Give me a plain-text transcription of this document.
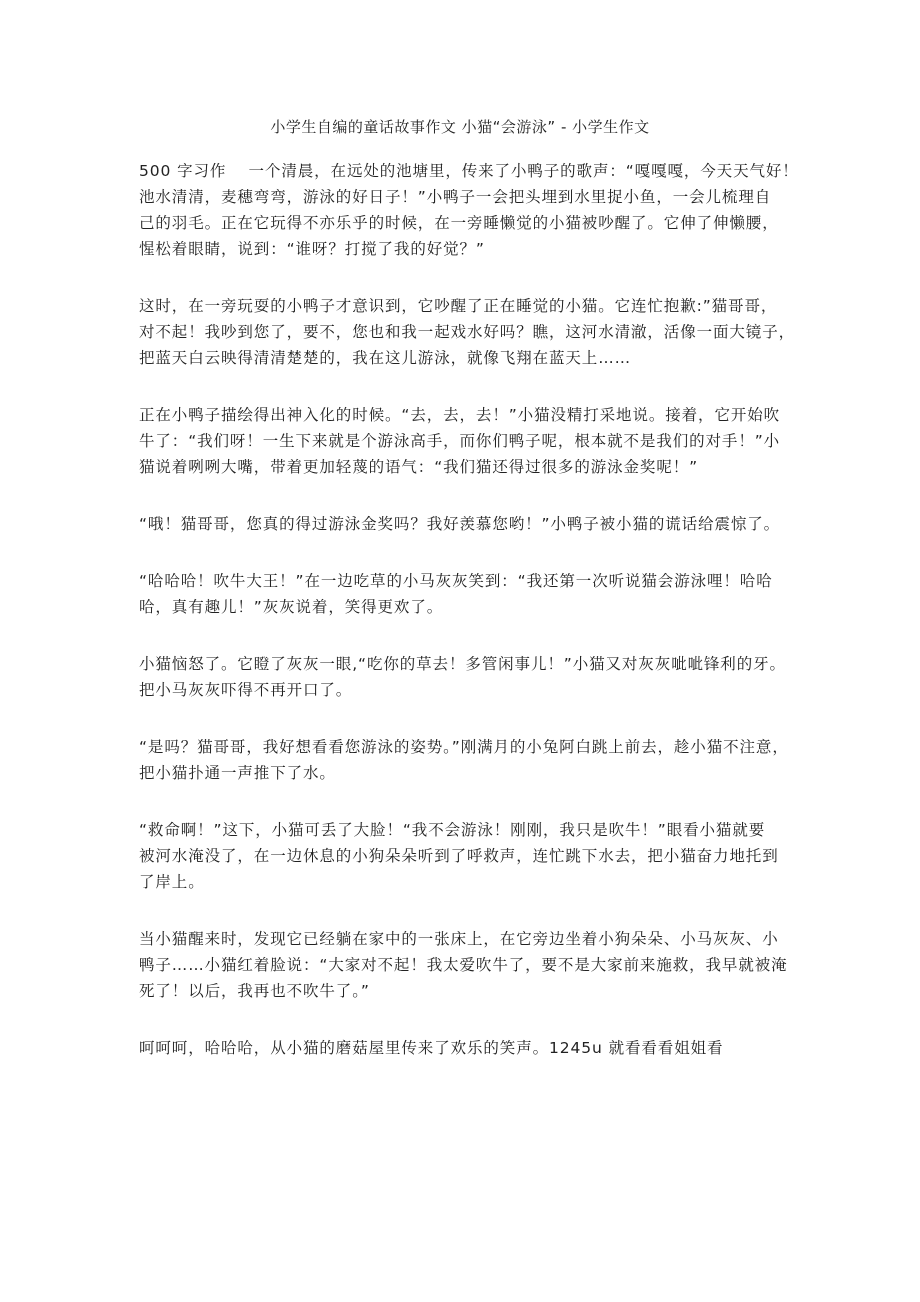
小学生自编的童话故事作文 小猫“会游泳” - 小学生作文
500 字习作　 一个清晨，在远处的池塘里，传来了小鸭子的歌声：“嘎嘎嘎，今天天气好！
池水清清，麦穗弯弯，游泳的好日子！”小鸭子一会把头埋到水里捉小鱼，一会儿梳理自
己的羽毛。正在它玩得不亦乐乎的时候，在一旁睡懒觉的小猫被吵醒了。它伸了伸懒腰，
惺松着眼睛，说到：“谁呀？打搅了我的好觉？”
这时，在一旁玩耍的小鸭子才意识到，它吵醒了正在睡觉的小猫。它连忙抱歉:”猫哥哥，
对不起！我吵到您了，要不，您也和我一起戏水好吗？瞧，这河水清澈，活像一面大镜子，
把蓝天白云映得清清楚楚的，我在这儿游泳，就像飞翔在蓝天上……
正在小鸭子描绘得出神入化的时候。“去，去，去！”小猫没精打采地说。接着，它开始吹
牛了：“我们呀！一生下来就是个游泳高手，而你们鸭子呢，根本就不是我们的对手！”小
猫说着咧咧大嘴，带着更加轻蔑的语气：“我们猫还得过很多的游泳金奖呢！”
“哦！猫哥哥，您真的得过游泳金奖吗？我好羡慕您哟！”小鸭子被小猫的谎话给震惊了。
“哈哈哈！吹牛大王！”在一边吃草的小马灰灰笑到：“我还第一次听说猫会游泳哩！哈哈
哈，真有趣儿！”灰灰说着，笑得更欢了。
小猫恼怒了。它瞪了灰灰一眼,“吃你的草去！多管闲事儿！”小猫又对灰灰呲呲锋利的牙。
把小马灰灰吓得不再开口了。
“是吗？猫哥哥，我好想看看您游泳的姿势。”刚满月的小兔阿白跳上前去，趁小猫不注意，
把小猫扑通一声推下了水。
“救命啊！”这下，小猫可丢了大脸！“我不会游泳！刚刚，我只是吹牛！”眼看小猫就要
被河水淹没了，在一边休息的小狗朵朵听到了呼救声，连忙跳下水去，把小猫奋力地托到
了岸上。
当小猫醒来时，发现它已经躺在家中的一张床上，在它旁边坐着小狗朵朵、小马灰灰、小
鸭子……小猫红着脸说：“大家对不起！我太爱吹牛了，要不是大家前来施救，我早就被淹
死了！以后，我再也不吹牛了。”
呵呵呵，哈哈哈，从小猫的磨菇屋里传来了欢乐的笑声。1245u 就看看看姐姐看
